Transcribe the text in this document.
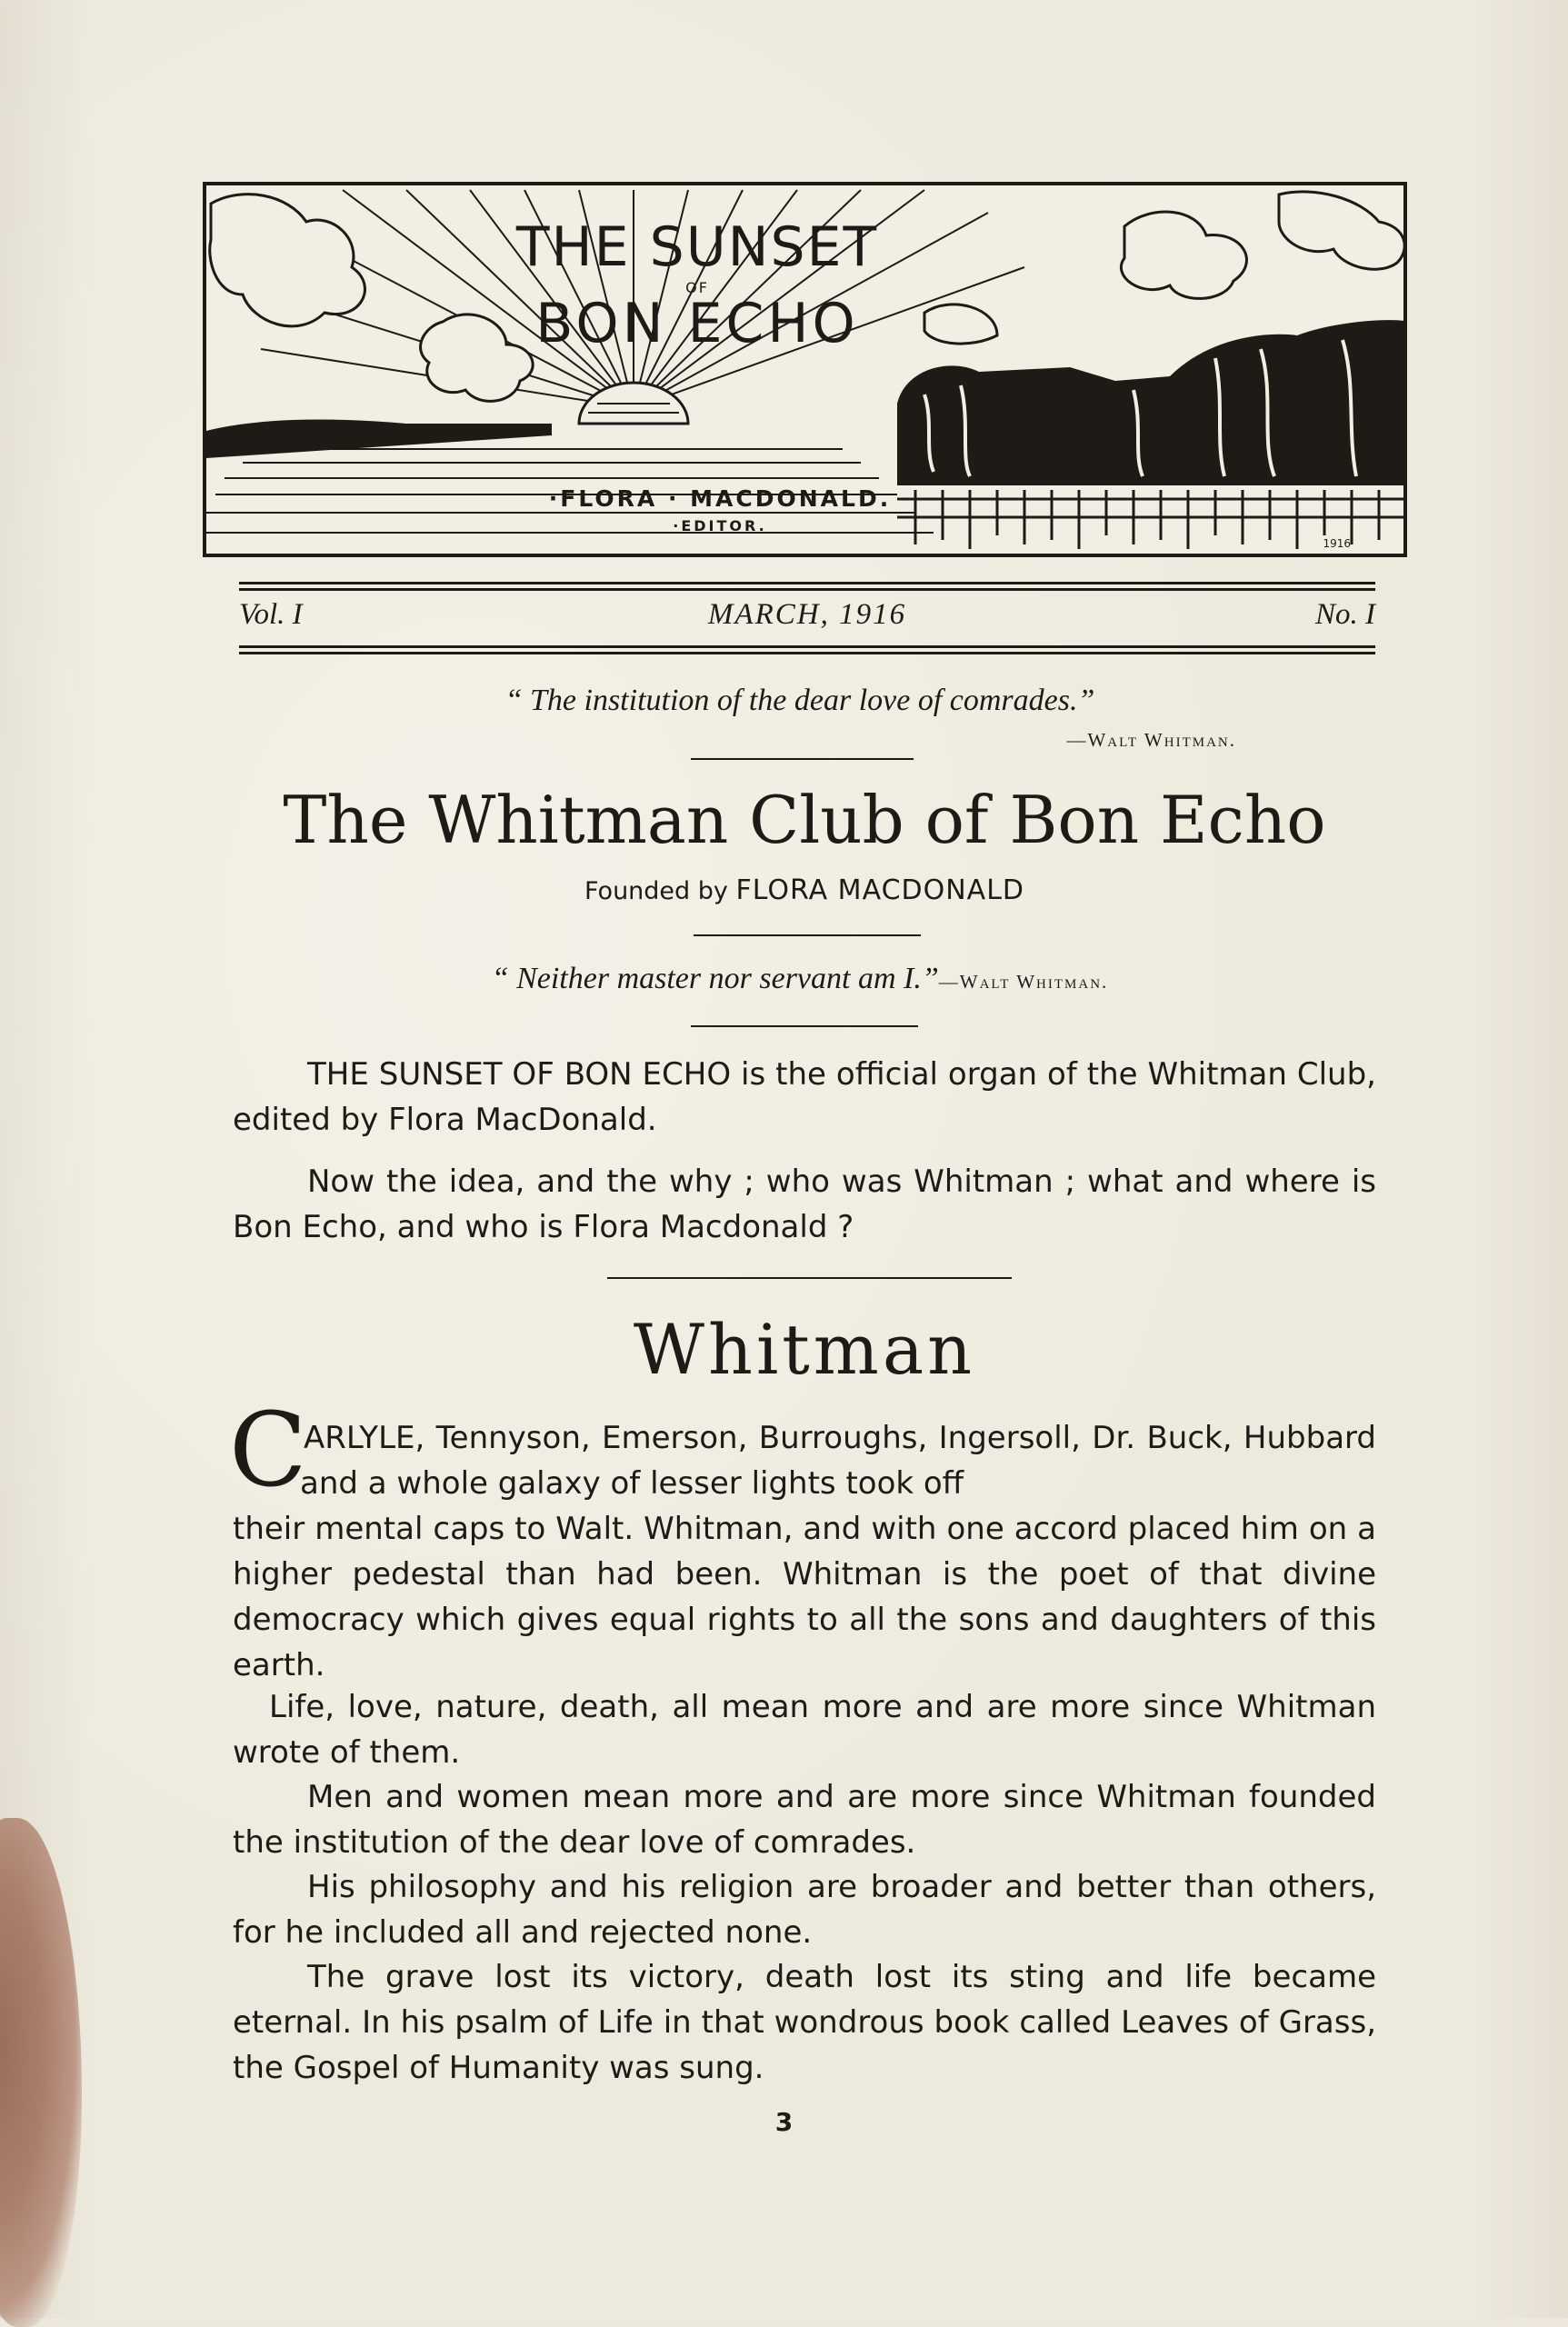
THE SUNSET
OF
BON ECHO
·FLORA · MACDONALD.
·EDITOR.
1916
Vol. I	MARCH, 1916	No. I
“ The institution of the dear love of comrades.”
—Walt Whitman.
The Whitman Club of Bon Echo
Founded by FLORA MACDONALD
“ Neither master nor servant am I.”—Walt Whitman.
THE SUNSET OF BON ECHO is the official organ of the Whitman Club, edited by Flora MacDonald.
Now the idea, and the why ; who was Whitman ; what and where is Bon Echo, and who is Flora Macdonald ?
Whitman
C
ARLYLE, Tennyson, Emerson, Burroughs, Ingersoll, Dr. Buck, Hubbard and a whole galaxy of lesser lights took off
their mental caps to Walt. Whitman, and with one accord placed him on a higher pedestal than had been. Whitman is the poet of that divine democracy which gives equal rights to all the sons and daughters of this earth.
Life, love, nature, death, all mean more and are more since Whitman wrote of them.
Men and women mean more and are more since Whitman founded the institution of the dear love of comrades.
His philosophy and his religion are broader and better than others, for he included all and rejected none.
The grave lost its victory, death lost its sting and life became eternal. In his psalm of Life in that wondrous book called Leaves of Grass, the Gospel of Humanity was sung.
3
